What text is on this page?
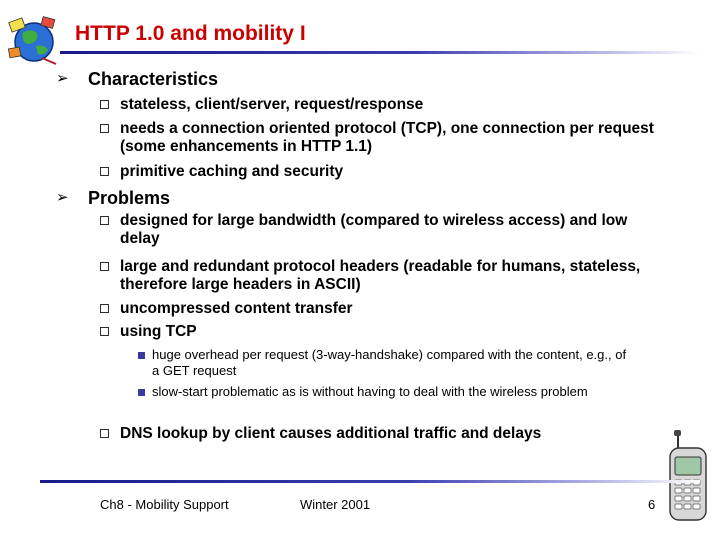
HTTP 1.0 and mobility I
➢ Characteristics
stateless, client/server, request/response
needs a connection oriented protocol (TCP), one connection per request (some enhancements in HTTP 1.1)
primitive caching and security
➢ Problems
designed for large bandwidth (compared to wireless access) and low delay
large and redundant protocol headers (readable for humans, stateless, therefore large headers in ASCII)
uncompressed content transfer
using TCP
huge overhead per request (3-way-handshake) compared with the content, e.g., of a GET request
slow-start problematic as is without having to deal with the wireless problem
DNS lookup by client causes additional traffic and delays
Ch8 - Mobility Support	Winter 2001	6
